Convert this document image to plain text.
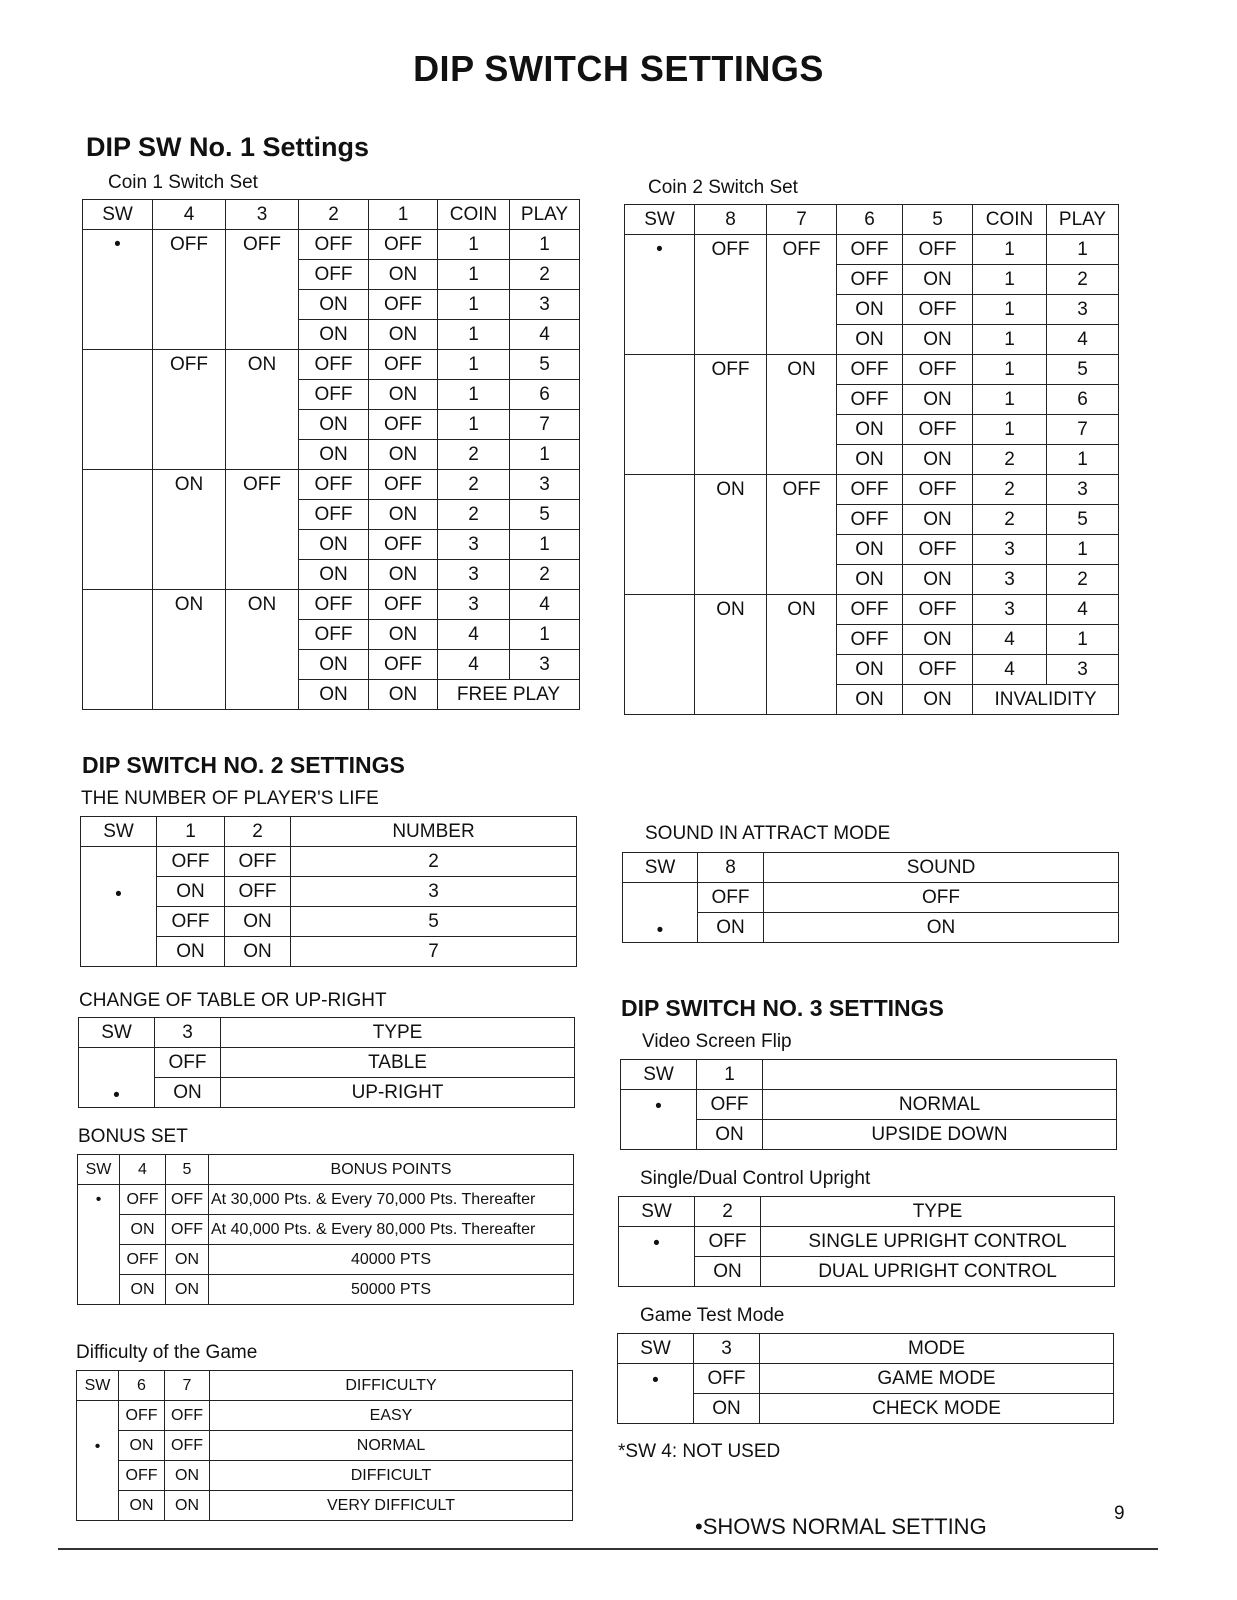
DIP SWITCH SETTINGS
DIP SW No. 1 Settings
Coin 1 Switch Set
SW	4	3	2	1	COIN	PLAY
•	OFF	OFF	OFF	OFF	1	1
			OFF	ON	1	2
			ON	OFF	1	3
			ON	ON	1	4
	OFF	ON	OFF	OFF	1	5
			OFF	ON	1	6
			ON	OFF	1	7
			ON	ON	2	1
	ON	OFF	OFF	OFF	2	3
			OFF	ON	2	5
			ON	OFF	3	1
			ON	ON	3	2
	ON	ON	OFF	OFF	3	4
			OFF	ON	4	1
			ON	OFF	4	3
			ON	ON	FREE PLAY	
Coin 2 Switch Set
SW	8	7	6	5	COIN	PLAY
•	OFF	OFF	OFF	OFF	1	1
			OFF	ON	1	2
			ON	OFF	1	3
			ON	ON	1	4
	OFF	ON	OFF	OFF	1	5
			OFF	ON	1	6
			ON	OFF	1	7
			ON	ON	2	1
	ON	OFF	OFF	OFF	2	3
			OFF	ON	2	5
			ON	OFF	3	1
			ON	ON	3	2
	ON	ON	OFF	OFF	3	4
			OFF	ON	4	1
			ON	OFF	4	3
			ON	ON	INVALIDITY	
DIP SWITCH NO. 2 SETTINGS
THE NUMBER OF PLAYER'S LIFE
SW	1	2	NUMBER

•	OFF	OFF	2
	ON	OFF	3
	OFF	ON	5
	ON	ON	7
CHANGE OF TABLE OR UP-RIGHT
SW	3	TYPE

•	OFF	TABLE
	ON	UP-RIGHT
BONUS SET
SW	4	5	BONUS POINTS

•	OFF	OFF	At 30,000 Pts. & Every 70,000 Pts. Thereafter
	ON	OFF	At 40,000 Pts. & Every 80,000 Pts. Thereafter
	OFF	ON	40000 PTS
	ON	ON	50000 PTS
Difficulty of the Game
SW	6	7	DIFFICULTY

•	OFF	OFF	EASY
	ON	OFF	NORMAL
	OFF	ON	DIFFICULT
	ON	ON	VERY DIFFICULT
SOUND IN ATTRACT MODE
SW	8	SOUND

•	OFF	OFF
	ON	ON
DIP SWITCH NO. 3 SETTINGS
Video Screen Flip
SW	1	

•	OFF	NORMAL
	ON	UPSIDE DOWN
Single/Dual Control Upright
SW	2	TYPE

•	OFF	SINGLE UPRIGHT CONTROL
	ON	DUAL UPRIGHT CONTROL
Game Test Mode
SW	3	MODE

•	OFF	GAME MODE
	ON	CHECK MODE
*SW 4: NOT USED
•SHOWS NORMAL SETTING
9
